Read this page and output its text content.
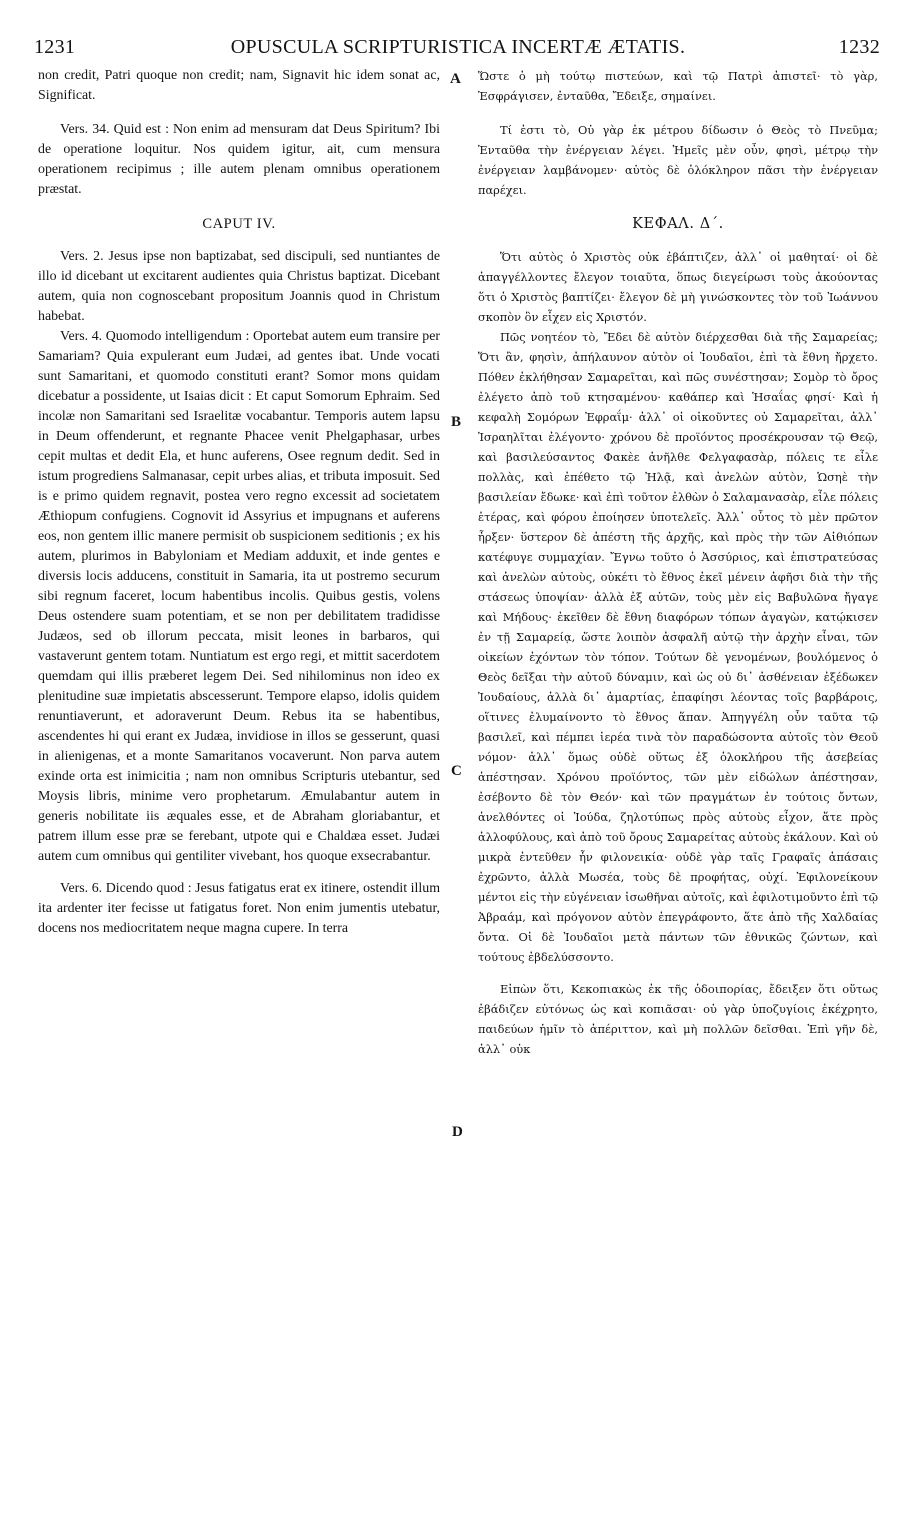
1231	OPUSCULA SCRIPTURISTICA INCERTÆ ÆTATIS.	1232

non credit, Patri quoque non credit; nam, Signavit hic idem sonat ac, Significat.

Vers. 34. Quid est : Non enim ad mensuram dat Deus Spiritum? Ibi de operatione loquitur. Nos quidem igitur, ait, cum mensura operationem recipimus ; ille autem plenam omnibus operationem præstat.

CAPUT IV.

Vers. 2. Jesus ipse non baptizabat, sed discipuli, sed nuntiantes de illo id dicebant ut excitarent audientes quia Christus baptizat. Dicebant autem, quia non cognoscebant propositum Joannis quod in Christum habebat.

Vers. 4. Quomodo intelligendum : Oportebat autem eum transire per Samariam? Quia expulerant eum Judæi, ad gentes ibat. Unde vocati sunt Samaritani, et quomodo constituti erant? Somor mons quidam dicebatur a possidente, ut Isaias dicit : Et caput Somorum Ephraim. Sed incolæ non Samaritani sed Israelitæ vocabantur. Temporis autem lapsu in Deum offenderunt, et regnante Phacee venit Phelgaphasar, urbes cepit multas et dedit Ela, et hunc auferens, Osee regnum dedit. Sed in istum progrediens Salmanasar, cepit urbes alias, et tributa imposuit. Sed is e primo quidem regnavit, postea vero regno excessit ad societatem Æthiopum confugiens. Cognovit id Assyrius et impugnans et auferens eos, non gentem illic manere permisit ob suspicionem seditionis ; ex his autem, plurimos in Babyloniam et Mediam adduxit, et inde gentes e diversis locis adducens, constituit in Samaria, ita ut postremo securum sibi regnum faceret, locum habentibus incolis. Quibus gestis, volens Deus ostendere suam potentiam, et se non per debilitatem tradidisse Judæos, sed ob illorum peccata, misit leones in barbaros, qui vastaverunt gentem totam. Nuntiatum est ergo regi, et mittit sacerdotem quemdam qui illis præberet legem Dei. Sed nihilominus non ideo ex plenitudine suæ impietatis abscesserunt. Tempore elapso, idolis quidem renuntiaverunt, et adoraverunt Deum. Rebus ita se habentibus, ascendentes hi qui erant ex Judæa, invidiose in illos se gesserunt, quasi in alienigenas, et a monte Samaritanos vocaverunt. Non parva autem exinde orta est inimicitia ; nam non omnibus Scripturis utebantur, sed Moysis libris, minime vero prophetarum. Æmulabantur autem in generis nobilitate iis æquales esse, et de Abraham gloriabantur, et patrem illum esse præ se ferebant, utpote qui e Chaldæa esset. Judæi autem cum omnibus qui gentiliter vivebant, hos quoque exsecrabantur.

Vers. 6. Dicendo quod : Jesus fatigatus erat ex itinere, ostendit illum ita ardenter iter fecisse ut fatigatus foret. Non enim jumentis utebatur, docens nos mediocritatem neque magna cupere. In terra

A
B
C
D

Ὥστε ὁ μὴ τούτῳ πιστεύων, καὶ τῷ Πατρὶ ἀπιστεῖ· τὸ γὰρ, Ἐσφράγισεν, ἐνταῦθα, Ἔδειξε, σημαίνει.

Τί ἐστι τὸ, Οὐ γὰρ ἐκ μέτρου δίδωσιν ὁ Θεὸς τὸ Πνεῦμα; Ἐνταῦθα τὴν ἐνέργειαν λέγει. Ἡμεῖς μὲν οὖν, φησὶ, μέτρῳ τὴν ἐνέργειαν λαμβάνομεν· αὐτὸς δὲ ὁλόκληρον πᾶσι τὴν ἐνέργειαν παρέχει.

ΚΕΦΑΛ. Δ΄.

Ὅτι αὐτὸς ὁ Χριστὸς οὐκ ἐβάπτιζεν, ἀλλ᾽ οἱ μαθηταί· οἱ δὲ ἀπαγγέλλοντες ἔλεγον τοιαῦτα, ὅπως διεγείρωσι τοὺς ἀκούοντας ὅτι ὁ Χριστὸς βαπτίζει· ἔλεγον δὲ μὴ γινώσκοντες τὸν τοῦ Ἰωάννου σκοπὸν ὃν εἶχεν εἰς Χριστόν.

Πῶς νοητέον τὸ, Ἔδει δὲ αὐτὸν διέρχεσθαι διὰ τῆς Σαμαρείας; Ὅτι ἂν, φησὶν, ἀπήλαυνον αὐτὸν οἱ Ἰουδαῖοι, ἐπὶ τὰ ἔθνη ἤρχετο. Πόθεν ἐκλήθησαν Σαμαρεῖται, καὶ πῶς συνέστησαν; Σομὸρ τὸ ὄρος ἐλέγετο ἀπὸ τοῦ κτησαμένου· καθάπερ καὶ Ἡσαΐας φησί· Καὶ ἡ κεφαλὴ Σομόρων Ἐφραΐμ· ἀλλ᾽ οἱ οἰκοῦντες οὐ Σαμαρεῖται, ἀλλ᾽ Ἰσραηλῖται ἐλέγοντο· χρόνου δὲ προϊόντος προσέκρουσαν τῷ Θεῷ, καὶ βασιλεύσαντος Φακὲε ἀνῆλθε Φελγαφασὰρ, πόλεις τε εἷλε πολλὰς, καὶ ἐπέθετο τῷ Ἠλᾷ, καὶ ἀνελὼν αὐτὸν, Ὡσηὲ τὴν βασιλείαν ἔδωκε· καὶ ἐπὶ τοῦτον ἐλθὼν ὁ Σαλαμανασὰρ, εἷλε πόλεις ἑτέρας, καὶ φόρου ἐποίησεν ὑποτελεῖς. Ἀλλ᾽ οὗτος τὸ μὲν πρῶτον ἦρξεν· ὕστερον δὲ ἀπέστη τῆς ἀρχῆς, καὶ πρὸς τὴν τῶν Αἰθιόπων κατέφυγε συμμαχίαν. Ἔγνω τοῦτο ὁ Ἀσσύριος, καὶ ἐπιστρατεύσας καὶ ἀνελὼν αὐτοὺς, οὐκέτι τὸ ἔθνος ἐκεῖ μένειν ἀφῆσι διὰ τὴν τῆς στάσεως ὑποψίαν· ἀλλὰ ἐξ αὐτῶν, τοὺς μὲν εἰς Βαβυλῶνα ἤγαγε καὶ Μήδους· ἐκεῖθεν δὲ ἔθνη διαφόρων τόπων ἀγαγὼν, κατῴκισεν ἐν τῇ Σαμαρείᾳ, ὥστε λοιπὸν ἀσφαλῆ αὐτῷ τὴν ἀρχὴν εἶναι, τῶν οἰκείων ἐχόντων τὸν τόπον. Τούτων δὲ γενομένων, βουλόμενος ὁ Θεὸς δεῖξαι τὴν αὐτοῦ δύναμιν, καὶ ὡς οὐ δι᾽ ἀσθένειαν ἐξέδωκεν Ἰουδαίους, ἀλλὰ δι᾽ ἁμαρτίας, ἐπαφίησι λέοντας τοῖς βαρβάροις, οἵτινες ἐλυμαίνοντο τὸ ἔθνος ἅπαν. Ἀπηγγέλη οὖν ταῦτα τῷ βασιλεῖ, καὶ πέμπει ἱερέα τινὰ τὸν παραδώσοντα αὐτοῖς τὸν Θεοῦ νόμον· ἀλλ᾽ ὅμως οὐδὲ οὕτως ἐξ ὁλοκλήρου τῆς ἀσεβείας ἀπέστησαν. Χρόνου προϊόντος, τῶν μὲν εἰδώλων ἀπέστησαν, ἐσέβοντο δὲ τὸν Θεόν· καὶ τῶν πραγμάτων ἐν τούτοις ὄντων, ἀνελθόντες οἱ Ἰούδα, ζηλοτύπως πρὸς αὐτοὺς εἶχον, ἅτε πρὸς ἀλλοφύλους, καὶ ἀπὸ τοῦ ὄρους Σαμαρείτας αὐτοὺς ἐκάλουν. Καὶ οὐ μικρὰ ἐντεῦθεν ἦν φιλονεικία· οὐδὲ γὰρ ταῖς Γραφαῖς ἁπάσαις ἐχρῶντο, ἀλλὰ Μωσέα, τοὺς δὲ προφήτας, οὐχί. Ἐφιλονείκουν μέντοι εἰς τὴν εὐγένειαν ἰσωθῆναι αὐτοῖς, καὶ ἐφιλοτιμοῦντο ἐπὶ τῷ Ἀβραάμ, καὶ πρόγονον αὐτὸν ἐπεγράφοντο, ἅτε ἀπὸ τῆς Χαλδαίας ὄντα. Οἱ δὲ Ἰουδαῖοι μετὰ πάντων τῶν ἐθνικῶς ζώντων, καὶ τούτους ἐβδελύσσοντο.

Εἰπὼν ὅτι, Κεκοπιακὼς ἐκ τῆς ὁδοιπορίας, ἔδειξεν ὅτι οὕτως ἐβάδιζεν εὐτόνως ὡς καὶ κοπιᾶσαι· οὐ γὰρ ὑποζυγίοις ἐκέχρητο, παιδεύων ἡμῖν τὸ ἀπέριττον, καὶ μὴ πολλῶν δεῖσθαι. Ἐπὶ γῆν δὲ, ἀλλ᾽ οὐκ
